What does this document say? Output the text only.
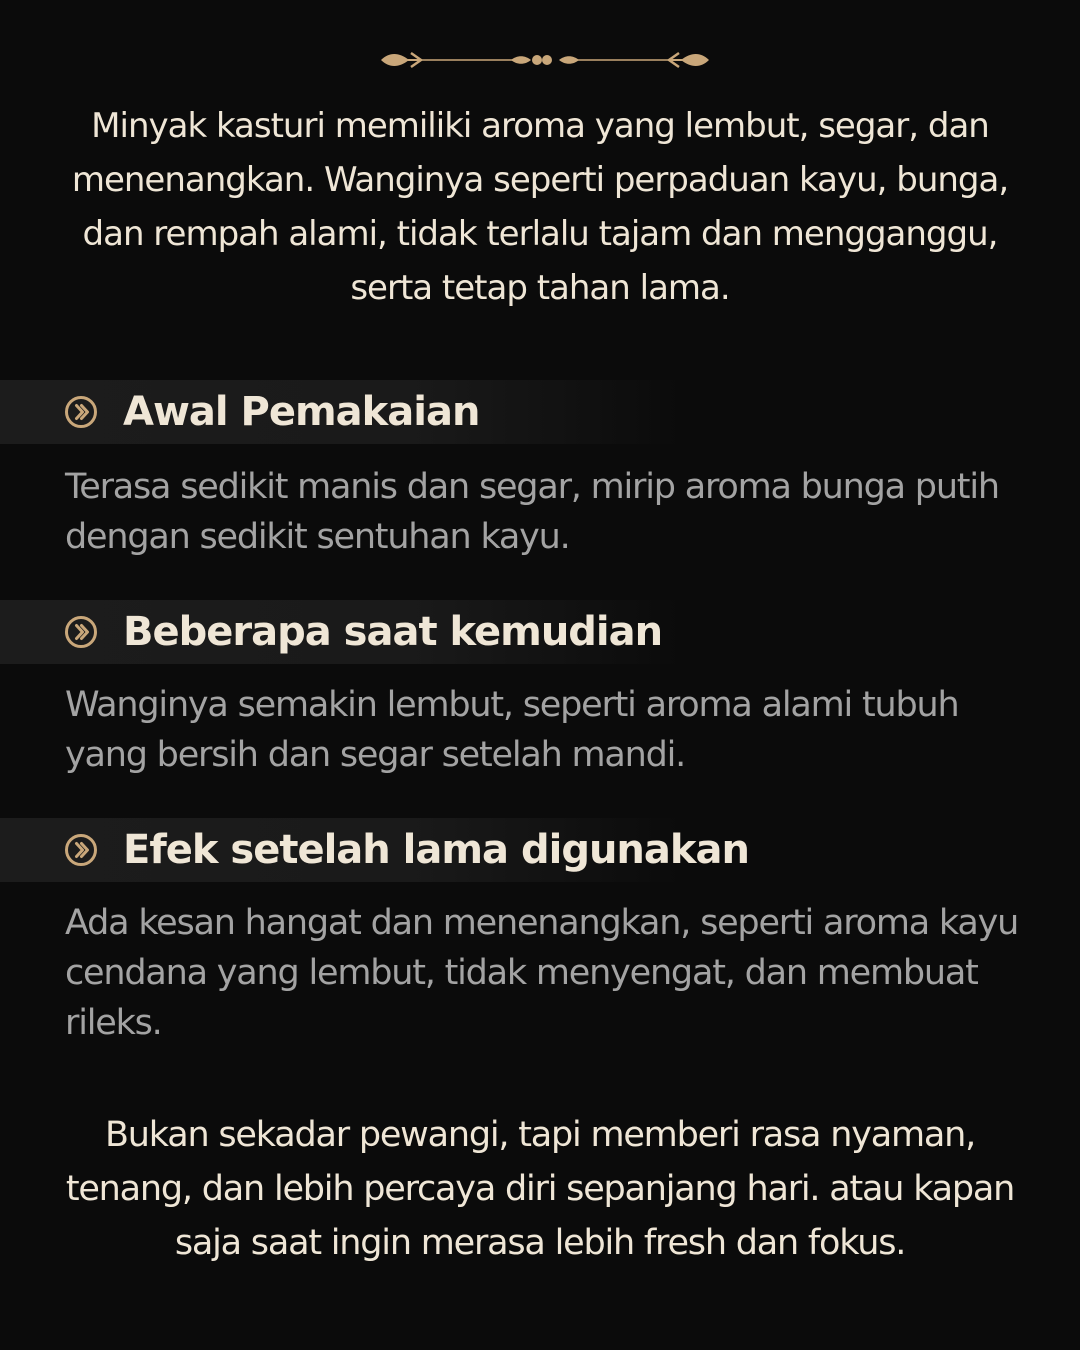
Minyak kasturi memiliki aroma yang lembut, segar, dan menenangkan. Wanginya seperti perpaduan kayu, bunga, dan rempah alami, tidak terlalu tajam dan mengganggu, serta tetap tahan lama.

Awal Pemakaian

Terasa sedikit manis dan segar, mirip aroma bunga putih dengan sedikit sentuhan kayu.

Beberapa saat kemudian

Wanginya semakin lembut, seperti aroma alami tubuh yang bersih dan segar setelah mandi.

Efek setelah lama digunakan

Ada kesan hangat dan menenangkan, seperti aroma kayu cendana yang lembut, tidak menyengat, dan membuat rileks.

Bukan sekadar pewangi, tapi memberi rasa nyaman, tenang, dan lebih percaya diri sepanjang hari. atau kapan saja saat ingin merasa lebih fresh dan fokus.
